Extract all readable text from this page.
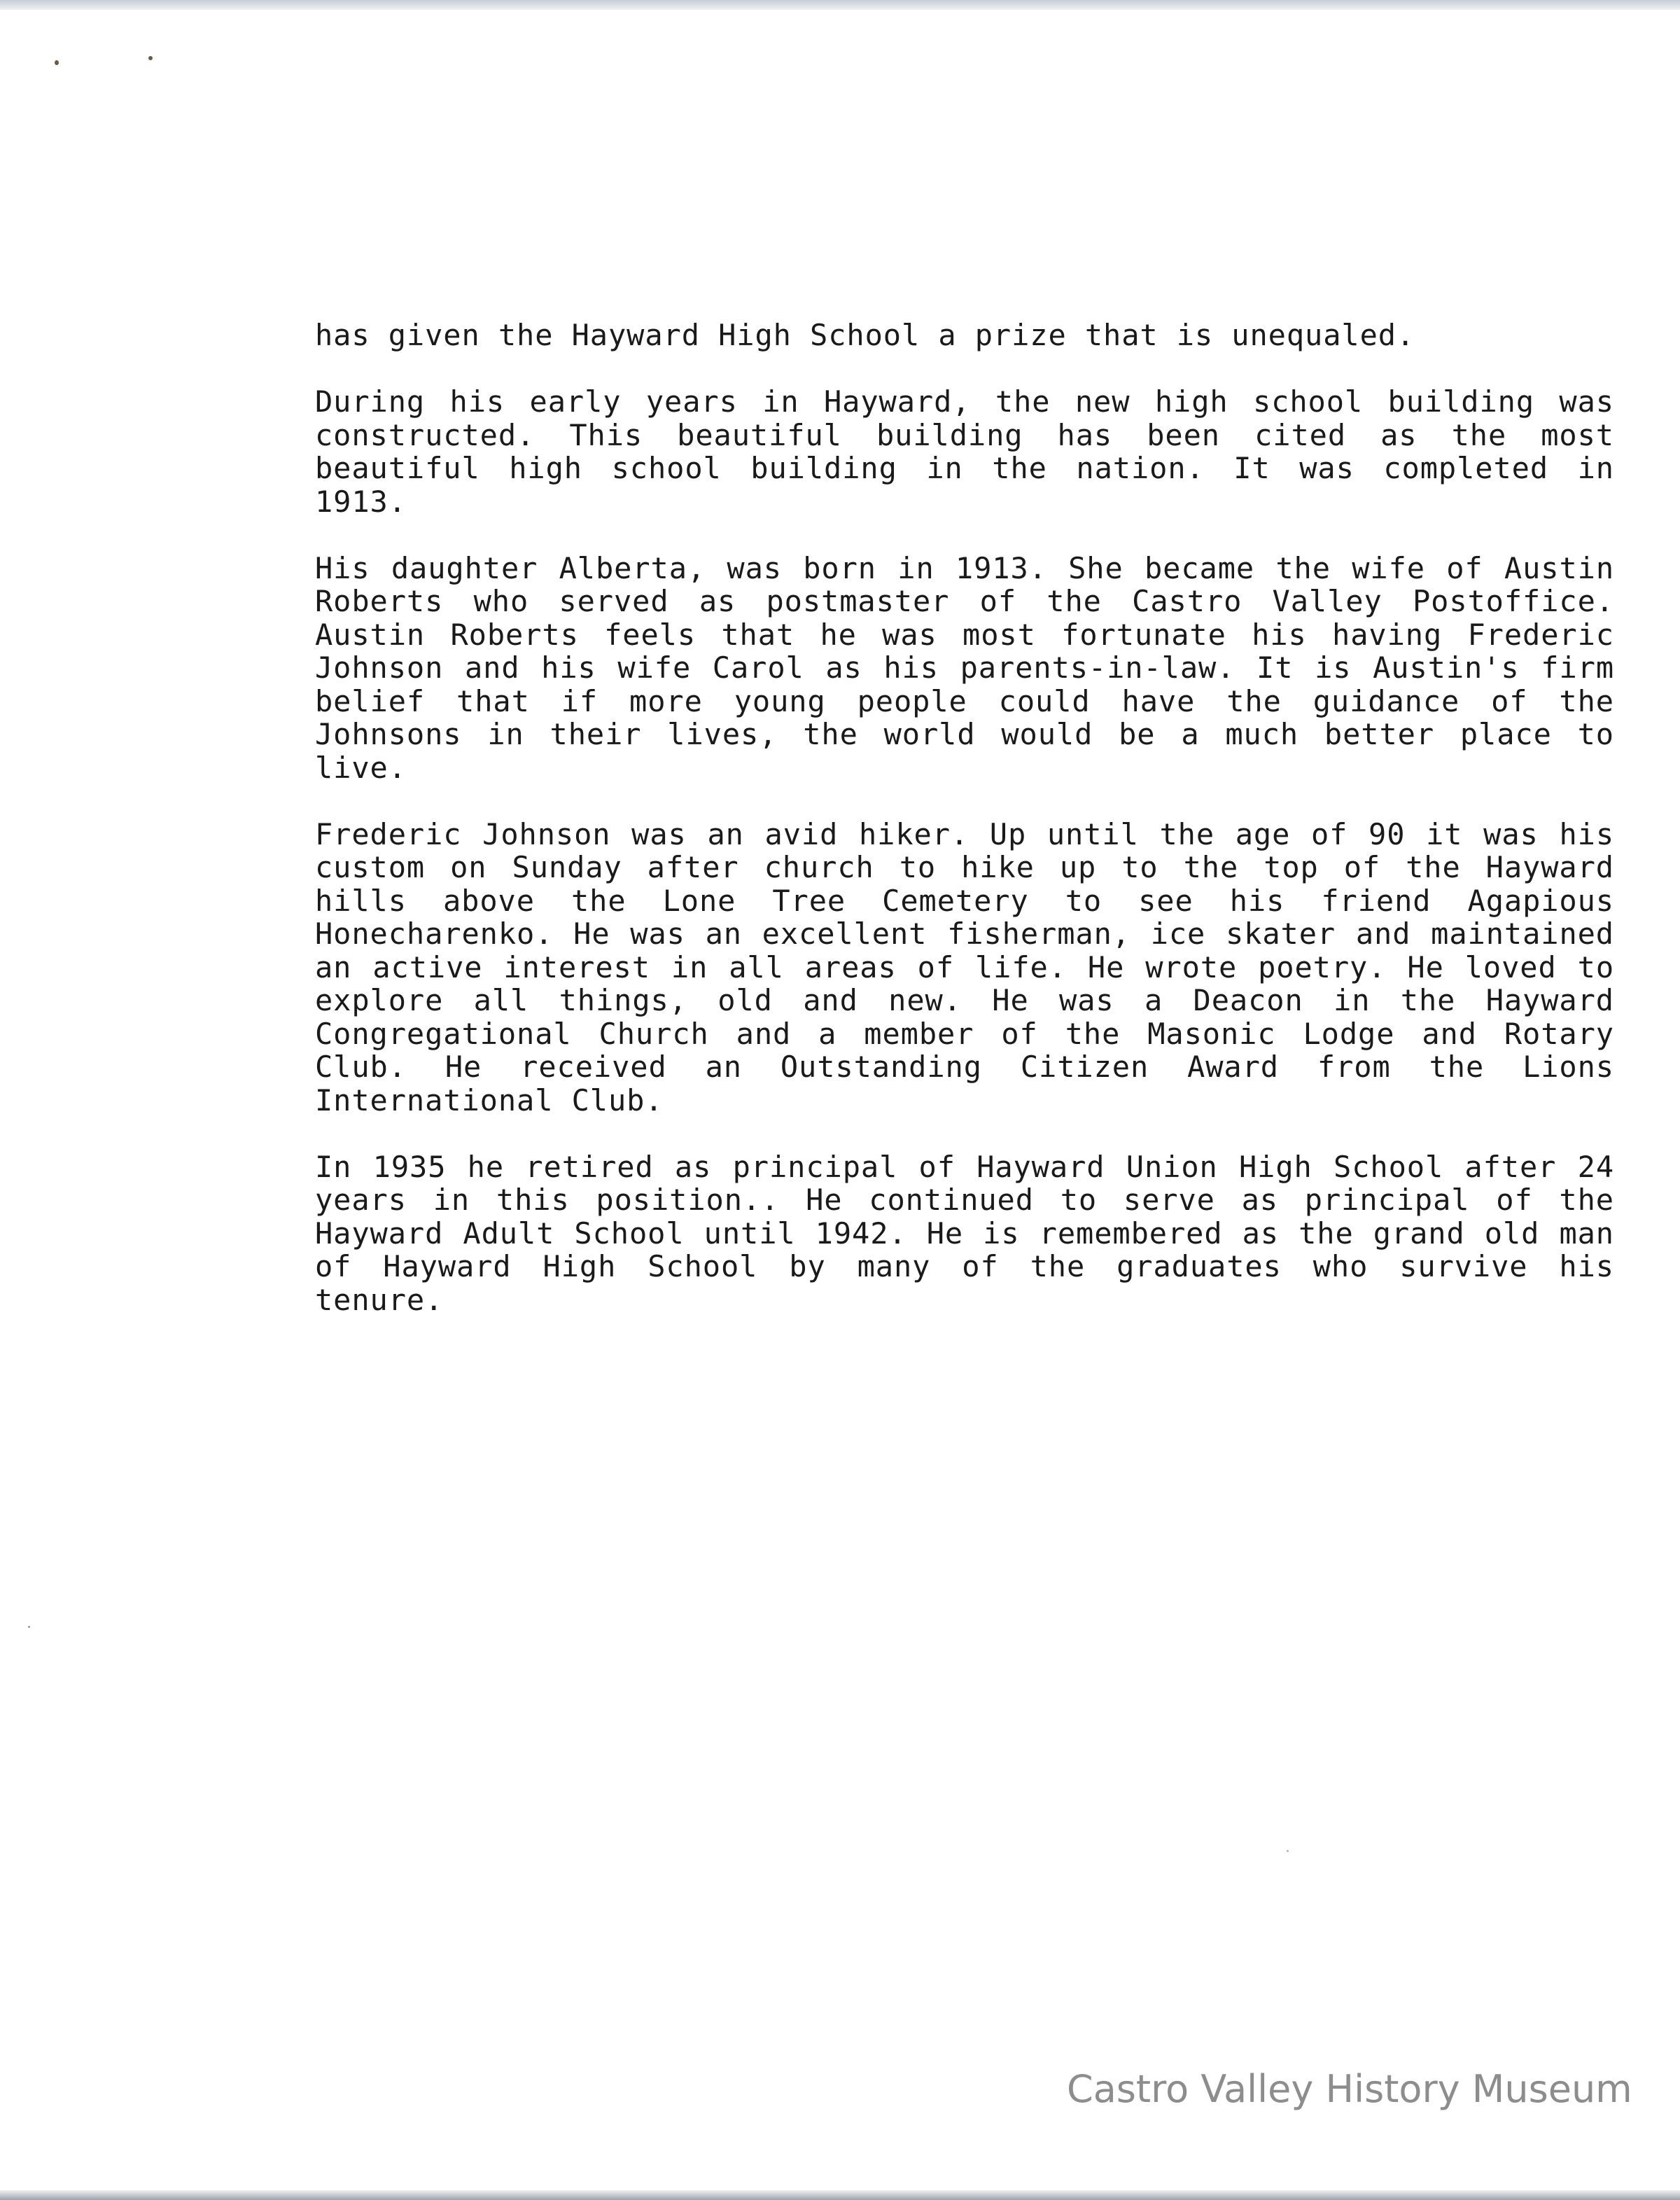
has given the Hayward High School a prize that is unequaled.

During his early years in Hayward, the new high school building was constructed. This beautiful building has been cited as the most beautiful high school building in the nation. It was completed in 1913.

His daughter Alberta, was born in 1913. She became the wife of Austin Roberts who served as postmaster of the Castro Valley Postoffice. Austin Roberts feels that he was most fortunate his having Frederic Johnson and his wife Carol as his parents-in-law. It is Austin's firm belief that if more young people could have the guidance of the Johnsons in their lives, the world would be a much better place to live.

Frederic Johnson was an avid hiker. Up until the age of 90 it was his custom on Sunday after church to hike up to the top of the Hayward hills above the Lone Tree Cemetery to see his friend Agapious Honecharenko. He was an excellent fisherman, ice skater and maintained an active interest in all areas of life. He wrote poetry. He loved to explore all things, old and new. He was a Deacon in the Hayward Congregational Church and a member of the Masonic Lodge and Rotary Club. He received an Outstanding Citizen Award from the Lions International Club.

In 1935 he retired as principal of Hayward Union High School after 24 years in this position.. He continued to serve as principal of the Hayward Adult School until 1942. He is remembered as the grand old man of Hayward High School by many of the graduates who survive his tenure.

Castro Valley History Museum
